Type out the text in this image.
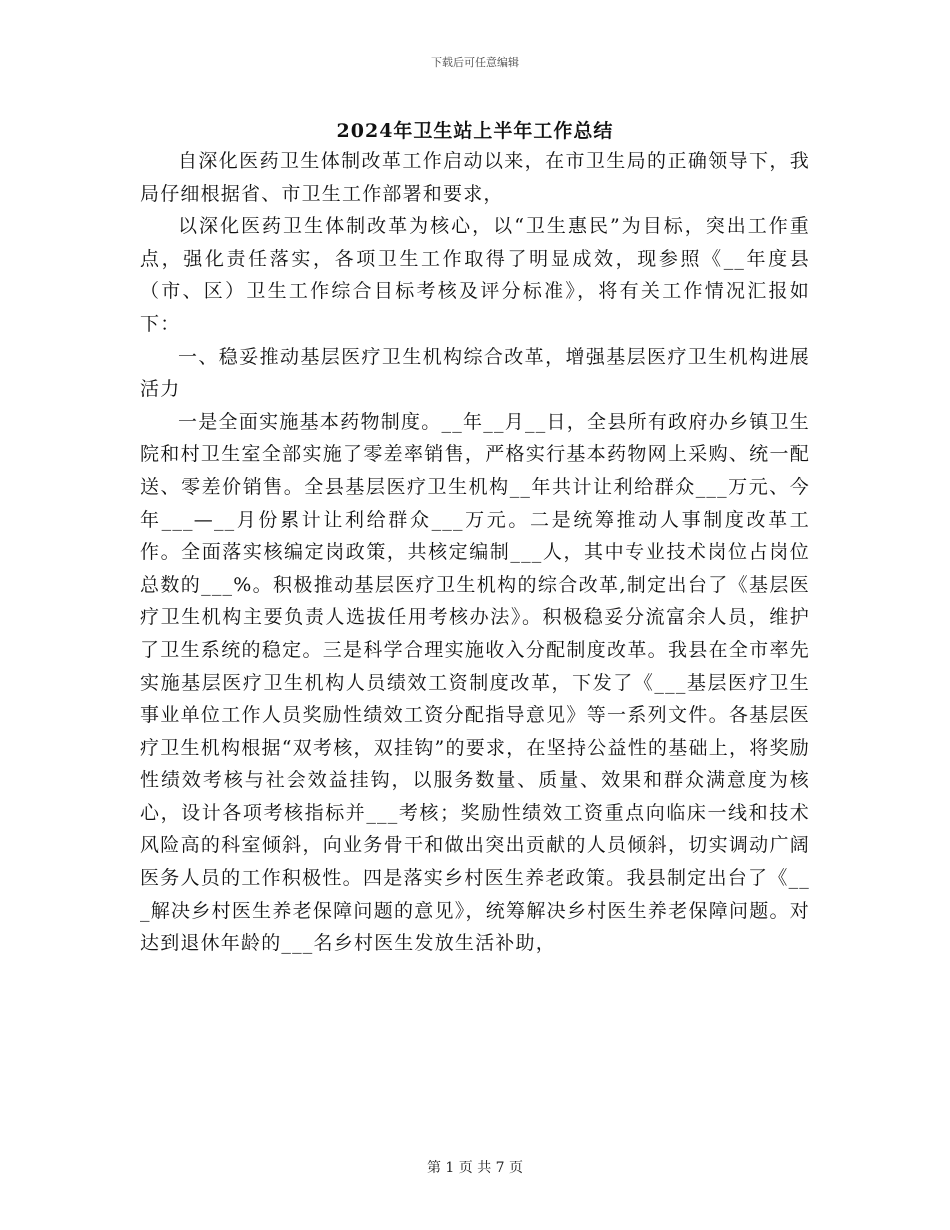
下载后可任意编辑
2024年卫生站上半年工作总结

自深化医药卫生体制改革工作启动以来，在市卫生局的正确领导下，我局仔细根据省、市卫生工作部署和要求，

以深化医药卫生体制改革为核心，以“卫生惠民”为目标，突出工作重点，强化责任落实，各项卫生工作取得了明显成效，现参照《__年度县（市、区）卫生工作综合目标考核及评分标准》，将有关工作情况汇报如下：

一、稳妥推动基层医疗卫生机构综合改革，增强基层医疗卫生机构进展活力

一是全面实施基本药物制度。__年__月__日，全县所有政府办乡镇卫生院和村卫生室全部实施了零差率销售，严格实行基本药物网上采购、统一配送、零差价销售。全县基层医疗卫生机构__年共计让利给群众___万元、今年___—__月份累计让利给群众___万元。二是统筹推动人事制度改革工作。全面落实核编定岗政策，共核定编制___人，其中专业技术岗位占岗位总数的___%。积极推动基层医疗卫生机构的综合改革,制定出台了《基层医疗卫生机构主要负责人选拔任用考核办法》。积极稳妥分流富余人员，维护了卫生系统的稳定。三是科学合理实施收入分配制度改革。我县在全市率先实施基层医疗卫生机构人员绩效工资制度改革，下发了《___基层医疗卫生事业单位工作人员奖励性绩效工资分配指导意见》等一系列文件。各基层医疗卫生机构根据“双考核，双挂钩”的要求，在坚持公益性的基础上，将奖励性绩效考核与社会效益挂钩，以服务数量、质量、效果和群众满意度为核心，设计各项考核指标并___考核；奖励性绩效工资重点向临床一线和技术风险高的科室倾斜，向业务骨干和做出突出贡献的人员倾斜，切实调动广阔医务人员的工作积极性。四是落实乡村医生养老政策。我县制定出台了《___解决乡村医生养老保障问题的意见》，统筹解决乡村医生养老保障问题。对达到退休年龄的___名乡村医生发放生活补助，

第 1 页 共 7 页
